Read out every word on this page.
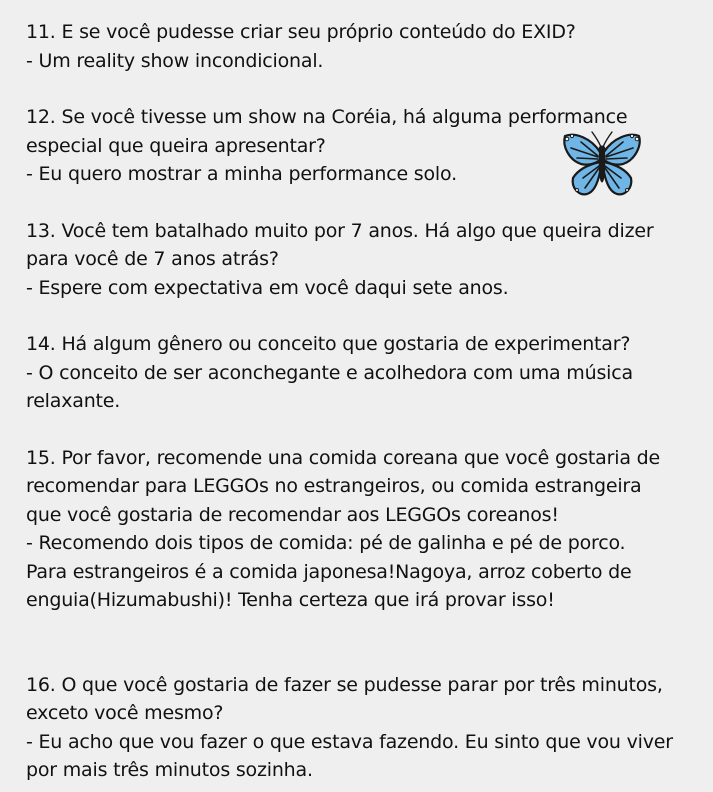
11. E se você pudesse criar seu próprio conteúdo do EXID?

- Um reality show incondicional.

12. Se você tivesse um show na Coréia, há alguma performance

especial que queira apresentar?

- Eu quero mostrar a minha performance solo.

13. Você tem batalhado muito por 7 anos. Há algo que queira dizer

para você de 7 anos atrás?

- Espere com expectativa em você daqui sete anos.

14. Há algum gênero ou conceito que gostaria de experimentar?

- O conceito de ser aconchegante e acolhedora com uma música

relaxante.

15. Por favor, recomende una comida coreana que você gostaria de

recomendar para LEGGOs no estrangeiros, ou comida estrangeira

que você gostaria de recomendar aos LEGGOs coreanos!

- Recomendo dois tipos de comida: pé de galinha e pé de porco.

Para estrangeiros é a comida japonesa!Nagoya, arroz coberto de

enguia(Hizumabushi)! Tenha certeza que irá provar isso!

16. O que você gostaria de fazer se pudesse parar por três minutos,

exceto você mesmo?

- Eu acho que vou fazer o que estava fazendo. Eu sinto que vou viver

por mais três minutos sozinha.
